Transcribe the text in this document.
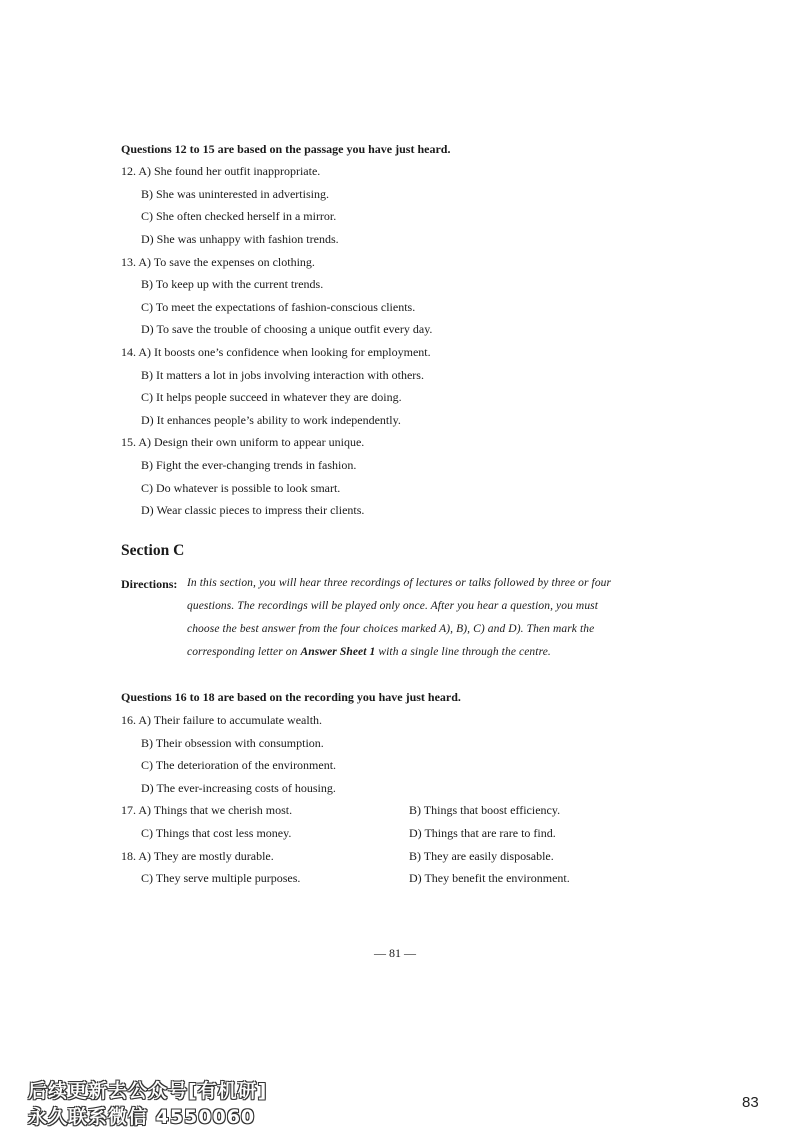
Questions 12 to 15 are based on the passage you have just heard.
12. A) She found her outfit inappropriate.
B) She was uninterested in advertising.
C) She often checked herself in a mirror.
D) She was unhappy with fashion trends.
13. A) To save the expenses on clothing.
B) To keep up with the current trends.
C) To meet the expectations of fashion-conscious clients.
D) To save the trouble of choosing a unique outfit every day.
14. A) It boosts one’s confidence when looking for employment.
B) It matters a lot in jobs involving interaction with others.
C) It helps people succeed in whatever they are doing.
D) It enhances people’s ability to work independently.
15. A) Design their own uniform to appear unique.
B) Fight the ever-changing trends in fashion.
C) Do whatever is possible to look smart.
D) Wear classic pieces to impress their clients.
Section C
Directions: In this section, you will hear three recordings of lectures or talks followed by three or four
questions. The recordings will be played only once. After you hear a question, you must
choose the best answer from the four choices marked A), B), C) and D). Then mark the
corresponding letter on Answer Sheet 1 with a single line through the centre.
Questions 16 to 18 are based on the recording you have just heard.
16. A) Their failure to accumulate wealth.
B) Their obsession with consumption.
C) The deterioration of the environment.
D) The ever-increasing costs of housing.
17. A) Things that we cherish most.	B) Things that boost efficiency.
C) Things that cost less money.	D) Things that are rare to find.
18. A) They are mostly durable.	B) They are easily disposable.
C) They serve multiple purposes.	D) They benefit the environment.
— 81 —
后续更新去公众号[有机研]
永久联系微信 4550060
83
